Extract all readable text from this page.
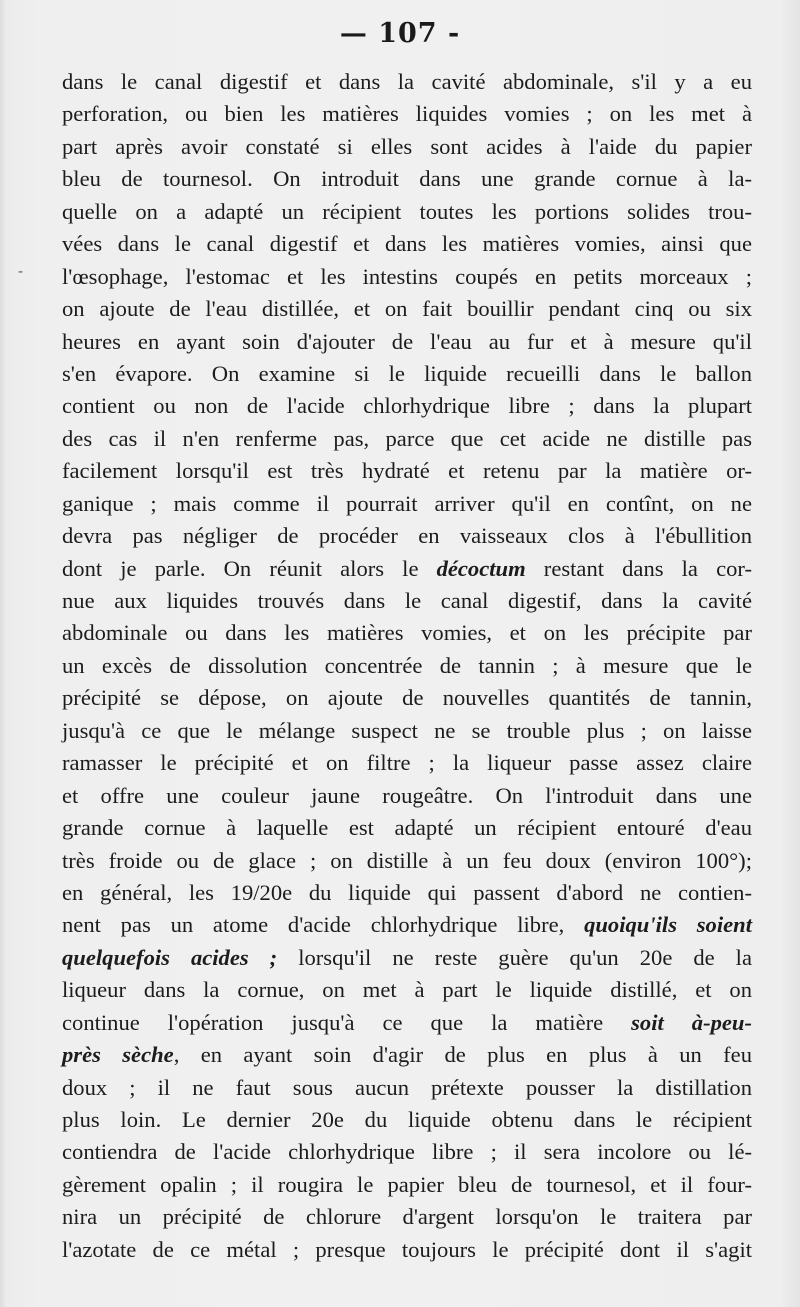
— 107 -
-
dans le canal digestif et dans la cavité abdominale, s'il y a eu
perforation, ou bien les matières liquides vomies ; on les met à
part après avoir constaté si elles sont acides à l'aide du papier
bleu de tournesol. On introduit dans une grande cornue à la-
quelle on a adapté un récipient toutes les portions solides trou-
vées dans le canal digestif et dans les matières vomies, ainsi que
l'œsophage, l'estomac et les intestins coupés en petits morceaux ;
on ajoute de l'eau distillée, et on fait bouillir pendant cinq ou six
heures en ayant soin d'ajouter de l'eau au fur et à mesure qu'il
s'en évapore. On examine si le liquide recueilli dans le ballon
contient ou non de l'acide chlorhydrique libre ; dans la plupart
des cas il n'en renferme pas, parce que cet acide ne distille pas
facilement lorsqu'il est très hydraté et retenu par la matière or-
ganique ; mais comme il pourrait arriver qu'il en contînt, on ne
devra pas négliger de procéder en vaisseaux clos à l'ébullition
dont je parle. On réunit alors le décoctum restant dans la cor-
nue aux liquides trouvés dans le canal digestif, dans la cavité
abdominale ou dans les matières vomies, et on les précipite par
un excès de dissolution concentrée de tannin ; à mesure que le
précipité se dépose, on ajoute de nouvelles quantités de tannin,
jusqu'à ce que le mélange suspect ne se trouble plus ; on laisse
ramasser le précipité et on filtre ; la liqueur passe assez claire
et offre une couleur jaune rougeâtre. On l'introduit dans une
grande cornue à laquelle est adapté un récipient entouré d'eau
très froide ou de glace ; on distille à un feu doux (environ 100°);
en général, les 19/20e du liquide qui passent d'abord ne contien-
nent pas un atome d'acide chlorhydrique libre, quoiqu'ils soient
quelquefois acides ; lorsqu'il ne reste guère qu'un 20e de la
liqueur dans la cornue, on met à part le liquide distillé, et on
continue l'opération jusqu'à ce que la matière soit à-peu-
près sèche, en ayant soin d'agir de plus en plus à un feu
doux ; il ne faut sous aucun prétexte pousser la distillation
plus loin. Le dernier 20e du liquide obtenu dans le récipient
contiendra de l'acide chlorhydrique libre ; il sera incolore ou lé-
gèrement opalin ; il rougira le papier bleu de tournesol, et il four-
nira un précipité de chlorure d'argent lorsqu'on le traitera par
l'azotate de ce métal ; presque toujours le précipité dont il s'agit
